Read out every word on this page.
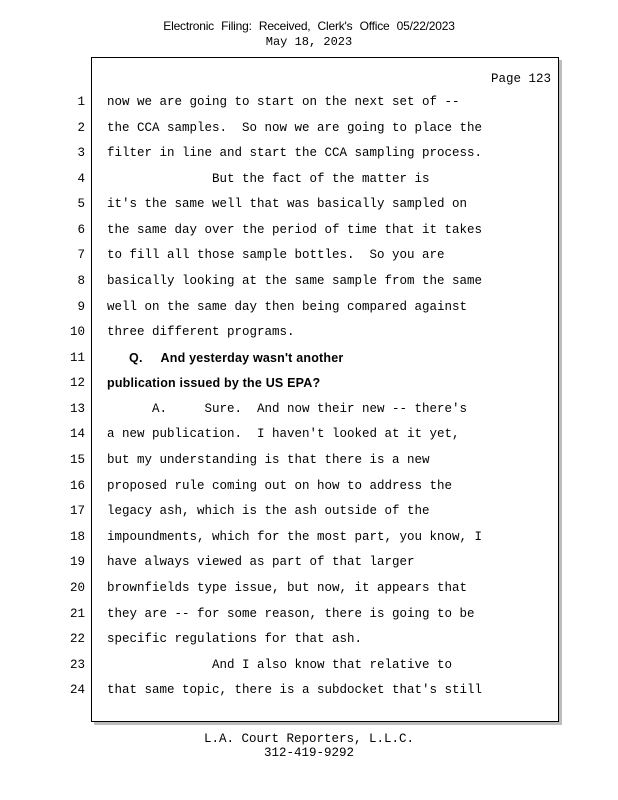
Electronic Filing: Received, Clerk's Office 05/22/2023
May 18, 2023
Page 123
1 now we are going to start on the next set of --
2 the CCA samples.  So now we are going to place the
3 filter in line and start the CCA sampling process.
4 But the fact of the matter is
5 it's the same well that was basically sampled on
6 the same day over the period of time that it takes
7 to fill all those sample bottles.  So you are
8 basically looking at the same sample from the same
9 well on the same day then being compared against
10 three different programs.
11 Q.     And yesterday wasn't another
12 publication issued by the US EPA?
13 A.     Sure.  And now their new -- there's
14 a new publication.  I haven't looked at it yet,
15 but my understanding is that there is a new
16 proposed rule coming out on how to address the
17 legacy ash, which is the ash outside of the
18 impoundments, which for the most part, you know, I
19 have always viewed as part of that larger
20 brownfields type issue, but now, it appears that
21 they are -- for some reason, there is going to be
22 specific regulations for that ash.
23 And I also know that relative to
24 that same topic, there is a subdocket that's still
L.A. Court Reporters, L.L.C.
312-419-9292
